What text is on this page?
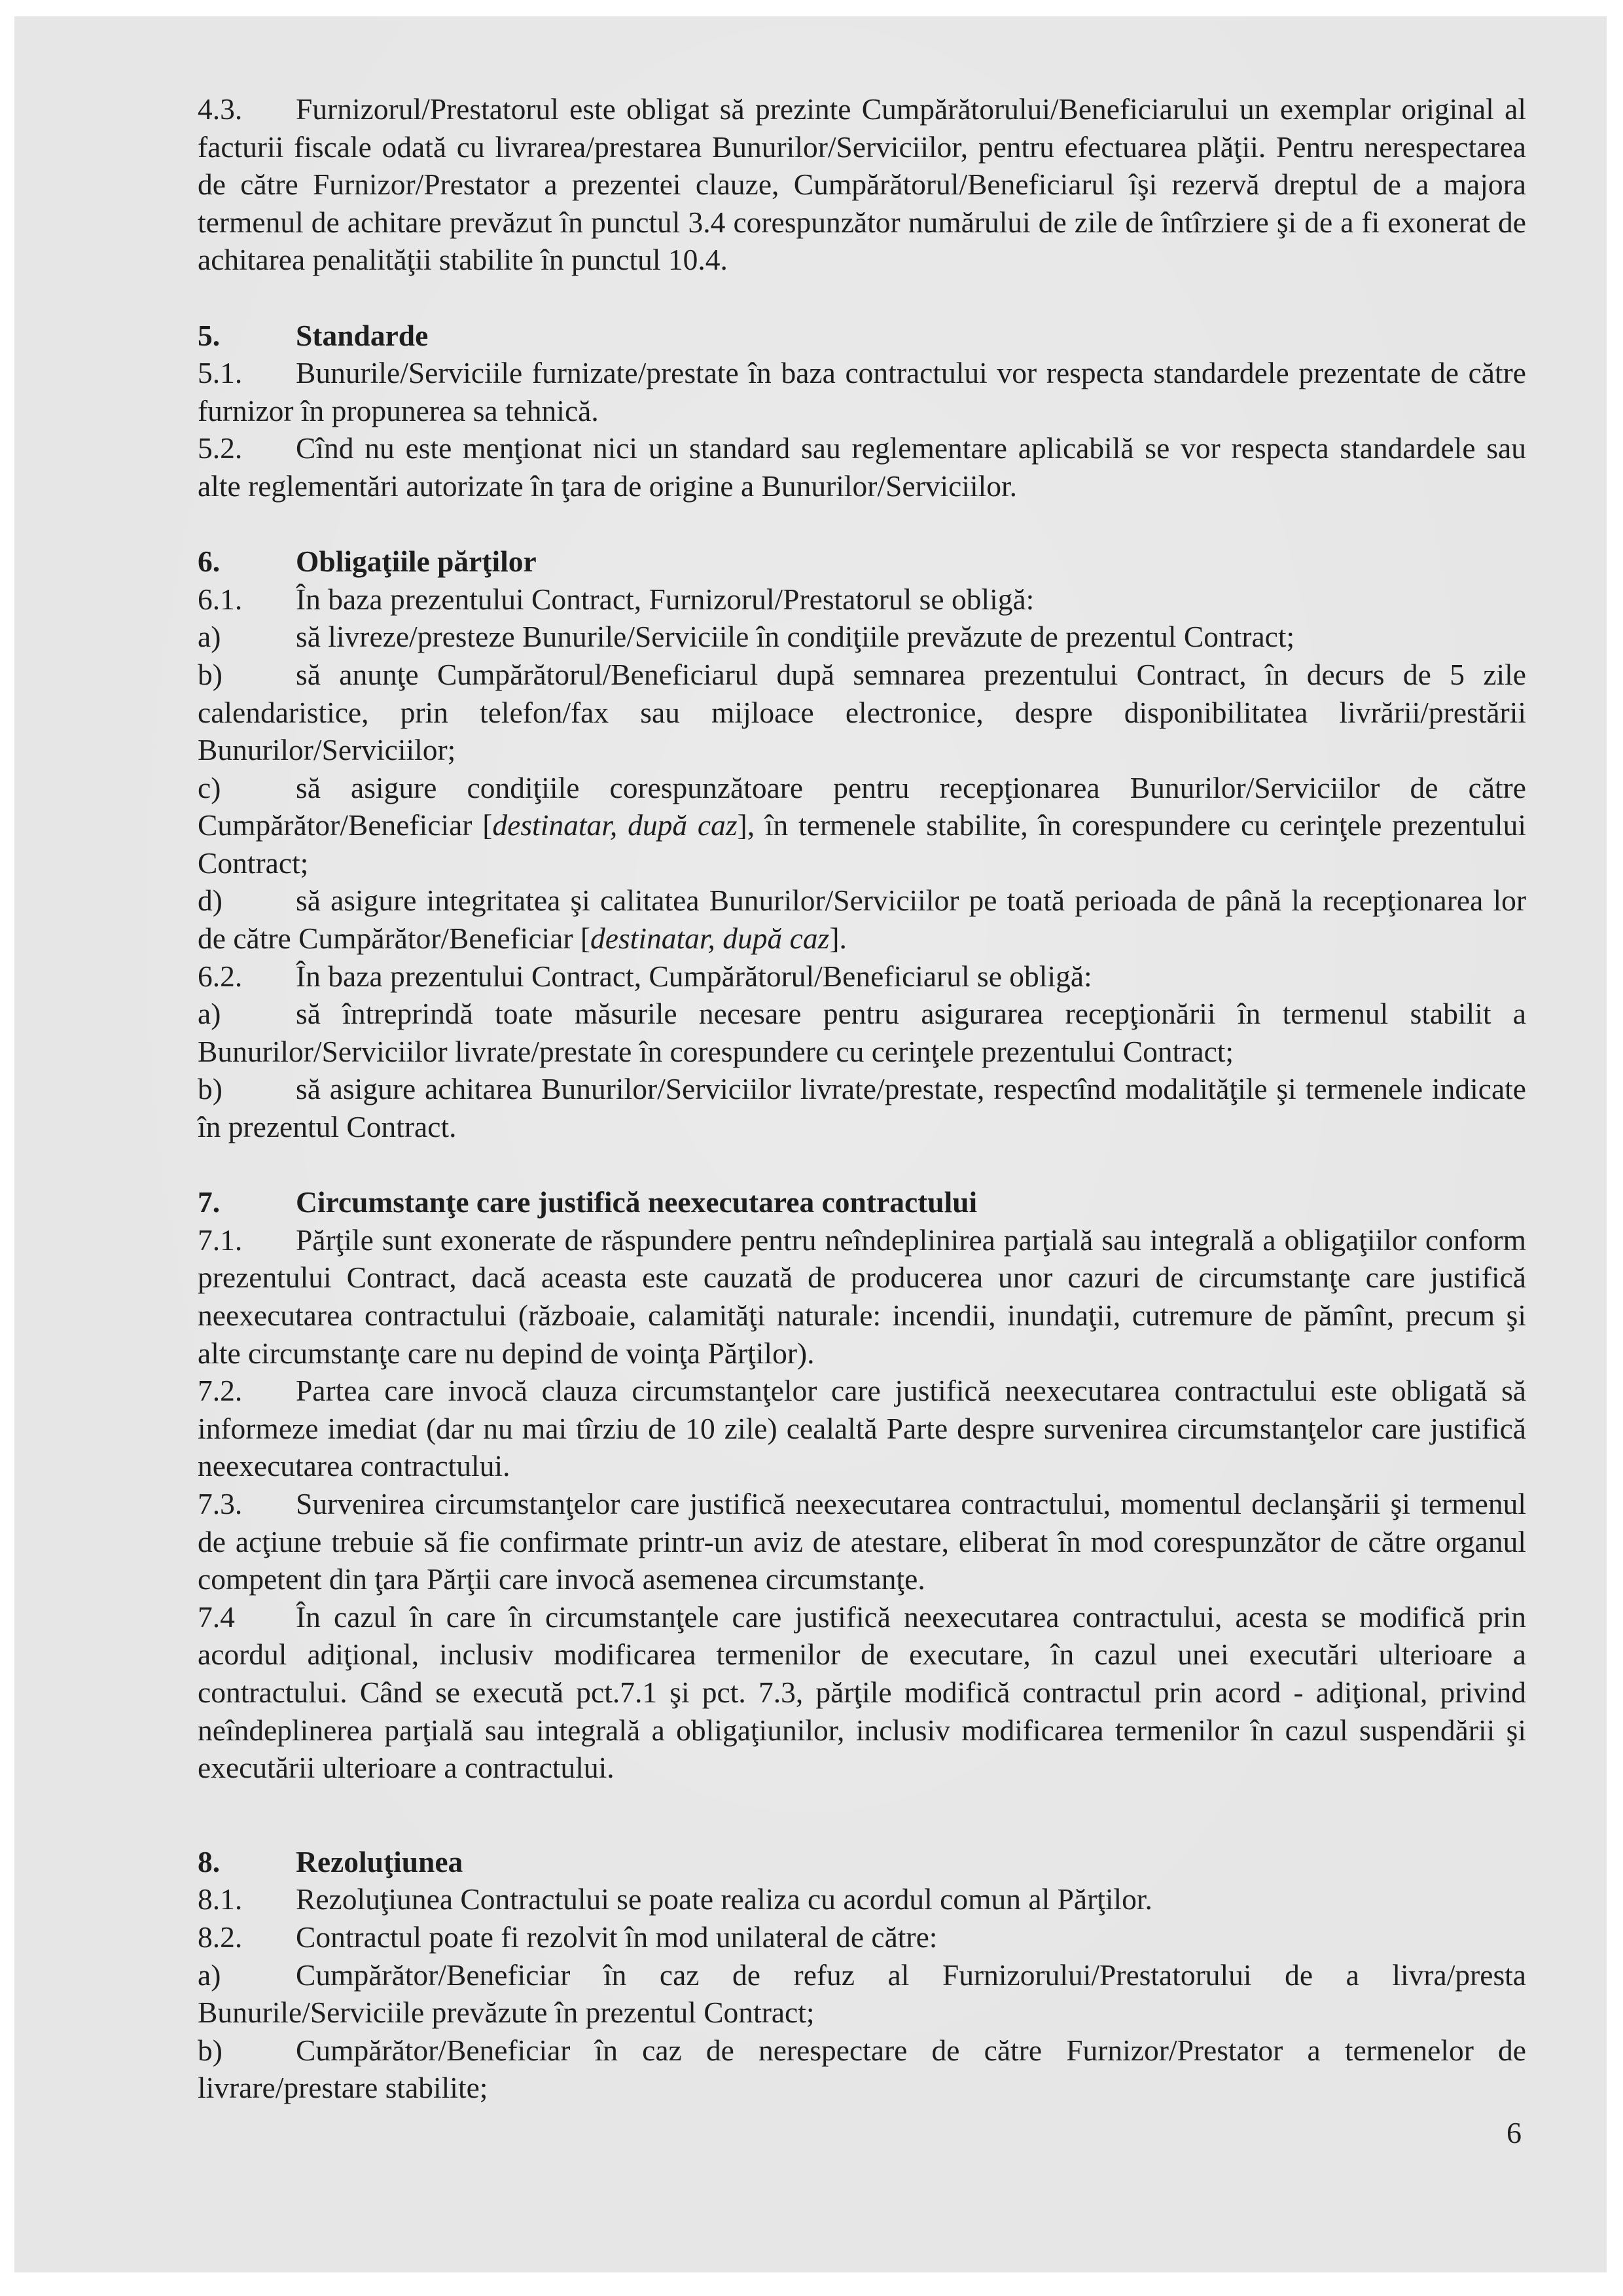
4.3. Furnizorul/Prestatorul este obligat să prezinte Cumpărătorului/Beneficiarului un exemplar original al facturii fiscale odată cu livrarea/prestarea Bunurilor/Serviciilor, pentru efectuarea plăţii. Pentru nerespectarea de către Furnizor/Prestator a prezentei clauze, Cumpărătorul/Beneficiarul îşi rezervă dreptul de a majora termenul de achitare prevăzut în punctul 3.4 corespunzător numărului de zile de întîrziere şi de a fi exonerat de achitarea penalităţii stabilite în punctul 10.4.

5.	Standarde

5.1. Bunurile/Serviciile furnizate/prestate în baza contractului vor respecta standardele prezentate de către furnizor în propunerea sa tehnică.

5.2. Cînd nu este menţionat nici un standard sau reglementare aplicabilă se vor respecta standardele sau alte reglementări autorizate în ţara de origine a Bunurilor/Serviciilor.

6.	Obligaţiile părţilor

6.1. În baza prezentului Contract, Furnizorul/Prestatorul se obligă:

a)	să livreze/presteze Bunurile/Serviciile în condiţiile prevăzute de prezentul Contract;

b) să anunţe Cumpărătorul/Beneficiarul după semnarea prezentului Contract, în decurs de 5 zile calendaristice, prin telefon/fax sau mijloace electronice, despre disponibilitatea livrării/prestării Bunurilor/Serviciilor;

c)	să asigure condiţiile corespunzătoare pentru recepţionarea Bunurilor/Serviciilor de către Cumpărător/Beneficiar [destinatar, după caz], în termenele stabilite, în corespundere cu cerinţele prezentului Contract;

d) să asigure integritatea şi calitatea Bunurilor/Serviciilor pe toată perioada de până la recepţionarea lor de către Cumpărător/Beneficiar [destinatar, după caz].

6.2. În baza prezentului Contract, Cumpărătorul/Beneficiarul se obligă:

a)	să întreprindă toate măsurile necesare pentru asigurarea recepţionării în termenul stabilit a Bunurilor/Serviciilor livrate/prestate în corespundere cu cerinţele prezentului Contract;

b) să asigure achitarea Bunurilor/Serviciilor livrate/prestate, respectînd modalităţile şi termenele indicate în prezentul Contract.

7.	Circumstanţe care justifică neexecutarea contractului

7.1. Părţile sunt exonerate de răspundere pentru neîndeplinirea parţială sau integrală a obligaţiilor conform prezentului Contract, dacă aceasta este cauzată de producerea unor cazuri de circumstanţe care justifică neexecutarea contractului (războaie, calamităţi naturale: incendii, inundaţii, cutremure de pămînt, precum şi alte circumstanţe care nu depind de voinţa Părţilor).

7.2. Partea care invocă clauza circumstanţelor care justifică neexecutarea contractului este obligată să informeze imediat (dar nu mai tîrziu de 10 zile) cealaltă Parte despre survenirea circumstanţelor care justifică neexecutarea contractului.

7.3. Survenirea circumstanţelor care justifică neexecutarea contractului, momentul declanşării şi termenul de acţiune trebuie să fie confirmate printr-un aviz de atestare, eliberat în mod corespunzător de către organul competent din ţara Părţii care invocă asemenea circumstanţe.

7.4 În cazul în care în circumstanţele care justifică neexecutarea contractului, acesta se modifică prin acordul adiţional, inclusiv modificarea termenilor de executare, în cazul unei executări ulterioare a contractului. Când se execută pct.7.1 şi pct. 7.3, părţile modifică contractul prin acord - adiţional, privind neîndeplinerea parţială sau integrală a obligaţiunilor, inclusiv modificarea termenilor în cazul suspendării şi executării ulterioare a contractului.

8.	Rezoluţiunea

8.1. Rezoluţiunea Contractului se poate realiza cu acordul comun al Părţilor.

8.2. Contractul poate fi rezolvit în mod unilateral de către:

a)	Cumpărător/Beneficiar în caz de refuz al Furnizorului/Prestatorului de a livra/presta Bunurile/Serviciile prevăzute în prezentul Contract;

b) Cumpărător/Beneficiar în caz de nerespectare de către Furnizor/Prestator a termenelor de livrare/prestare stabilite;

6
